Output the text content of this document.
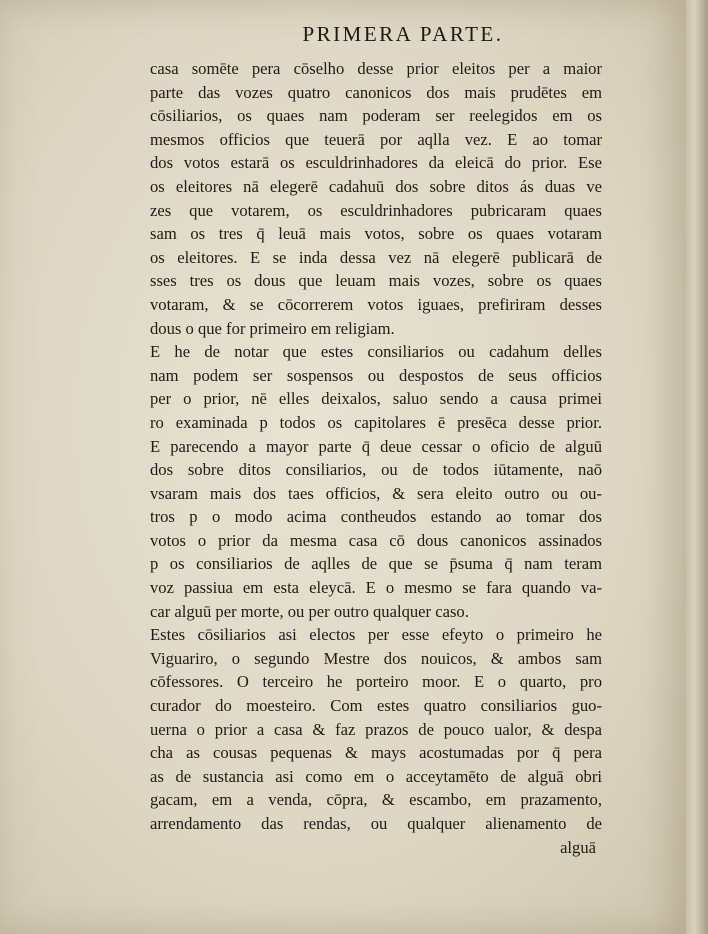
PRIMERA PARTE.
casa somēte pera cōselho desse prior eleitos per a maior
parte das vozes quatro canonicos dos mais prudētes em
cōsiliarios, os quaes nam poderam ser reelegidos em os
mesmos officios que teuerā por aqlla vez. E ao tomar
dos votos estarā os esculdrinhadores da eleicā do prior. Ese
os eleitores nā elegerē cadahuū dos sobre ditos ás duas ve
zes que votarem, os esculdrinhadores pubricaram quaes
sam os tres q̄ leuā mais votos, sobre os quaes votaram
os eleitores. E se inda dessa vez nā elegerē publicarā de
sses tres os dous que leuam mais vozes, sobre os quaes
votaram, & se cōcorrerem votos iguaes, prefiriram desses
dous o que for primeiro em religiam.
E he de notar que estes consiliarios ou cadahum delles
nam podem ser sospensos ou despostos de seus officios
per o prior, nē elles deixalos, saluo sendo a causa primei
ro examinada p todos os capitolares ē presēca desse prior.
E parecendo a mayor parte q̄ deue cessar o oficio de alguū
dos sobre ditos consiliarios, ou de todos iūtamente, naō
vsaram mais dos taes officios, & sera eleito outro ou ou-
tros p o modo acima contheudos estando ao tomar dos
votos o prior da mesma casa cō dous canonicos assinados
p os consiliarios de aqlles de que se p̄suma q̄ nam teram
voz passiua em esta eleycā. E o mesmo se fara quando va-
car alguū per morte, ou per outro qualquer caso.
Estes cōsiliarios asi electos per esse efeyto o primeiro he
Viguariro, o segundo Mestre dos nouicos, & ambos sam
cōfessores. O terceiro he porteiro moor. E o quarto, pro
curador do moesteiro. Com estes quatro consiliarios guo-
uerna o prior a casa & faz prazos de pouco ualor, & despa
cha as cousas pequenas & mays acostumadas por q̄ pera
as de sustancia asi como em o acceytamēto de alguā obri
gacam, em a venda, cōpra, & escambo, em prazamento,
arrendamento das rendas, ou qualquer alienamento de
alguā
